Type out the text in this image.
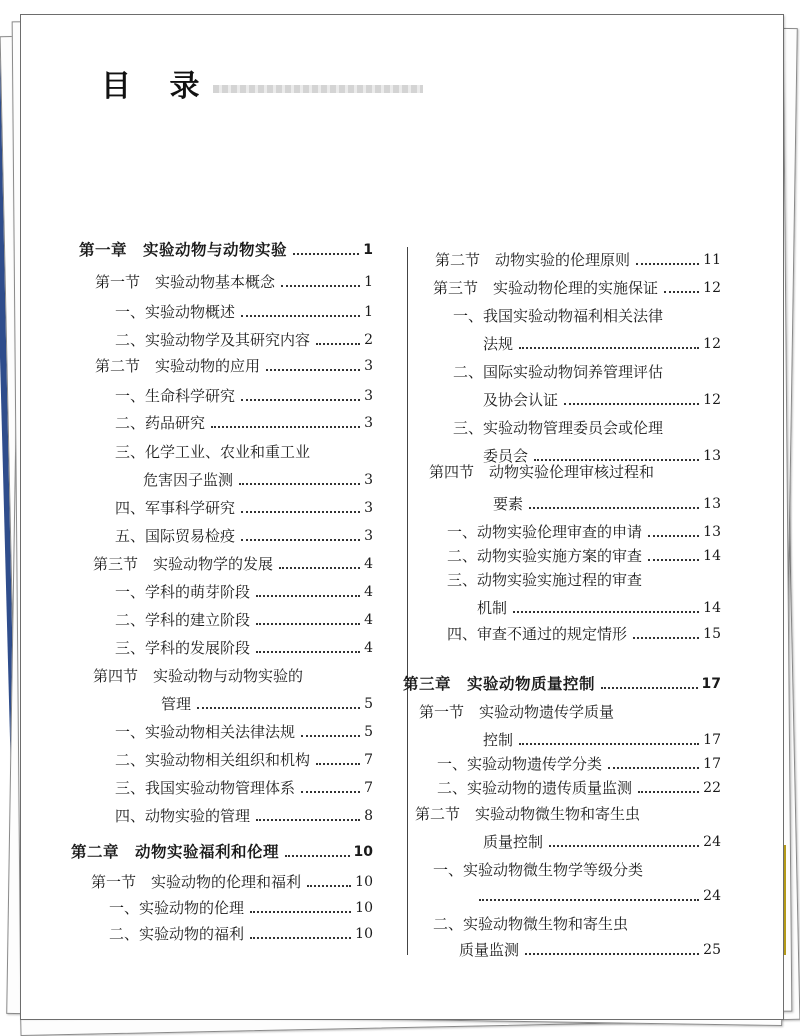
目 录
第一章　实验动物与动物实验	1
第一节　实验动物基本概念	1
一、实验动物概述	1
二、实验动物学及其研究内容	2
第二节　实验动物的应用	3
一、生命科学研究	3
二、药品研究	3
三、化学工业、农业和重工业
危害因子监测	3
四、军事科学研究	3
五、国际贸易检疫	3
第三节　实验动物学的发展	4
一、学科的萌芽阶段	4
二、学科的建立阶段	4
三、学科的发展阶段	4
第四节　实验动物与动物实验的
管理	5
一、实验动物相关法律法规	5
二、实验动物相关组织和机构	7
三、我国实验动物管理体系	7
四、动物实验的管理	8
第二章　动物实验福利和伦理	10
第一节　实验动物的伦理和福利	10
一、实验动物的伦理	10
二、实验动物的福利	10
第二节　动物实验的伦理原则	11
第三节　实验动物伦理的实施保证	12
一、我国实验动物福利相关法律
法规	12
二、国际实验动物饲养管理评估
及协会认证	12
三、实验动物管理委员会或伦理
委员会	13
第四节　动物实验伦理审核过程和
要素	13
一、动物实验伦理审查的申请	13
二、动物实验实施方案的审查	14
三、动物实验实施过程的审查
机制	14
四、审查不通过的规定情形	15
第三章　实验动物质量控制	17
第一节　实验动物遗传学质量
控制	17
一、实验动物遗传学分类	17
二、实验动物的遗传质量监测	22
第二节　实验动物微生物和寄生虫
质量控制	24
一、实验动物微生物学等级分类
24
二、实验动物微生物和寄生虫
质量监测	25
